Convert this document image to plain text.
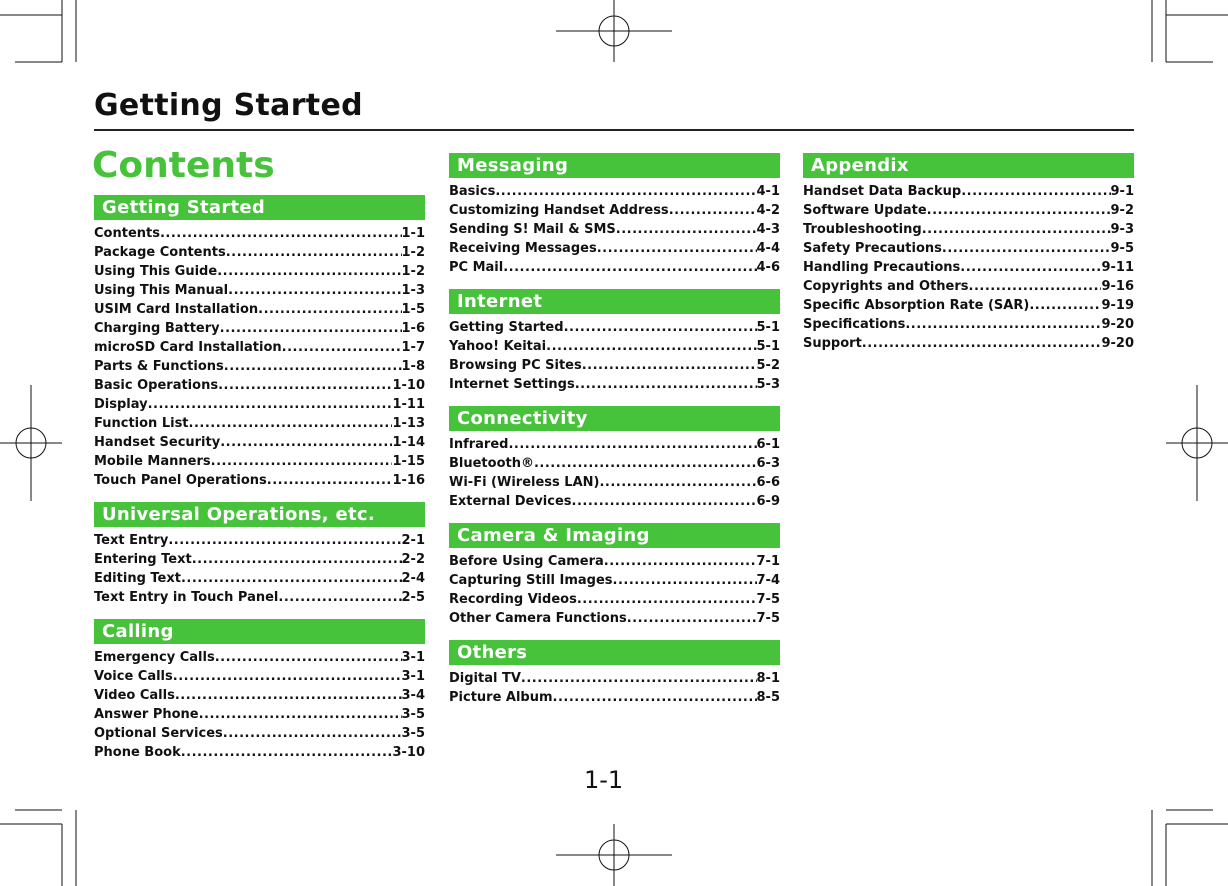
Getting Started
Contents
Getting Started
Contents .....	1-1
Package Contents .....	1-2
Using This Guide .....	1-2
Using This Manual .....	1-3
USIM Card Installation .....	1-5
Charging Battery .....	1-6
microSD Card Installation .....	1-7
Parts & Functions .....	1-8
Basic Operations .....	1-10
Display .....	1-11
Function List .....	1-13
Handset Security .....	1-14
Mobile Manners .....	1-15
Touch Panel Operations .....	1-16
Universal Operations, etc.
Text Entry .....	2-1
Entering Text .....	2-2
Editing Text .....	2-4
Text Entry in Touch Panel .....	2-5
Calling
Emergency Calls .....	3-1
Voice Calls .....	3-1
Video Calls .....	3-4
Answer Phone .....	3-5
Optional Services .....	3-5
Phone Book .....	3-10
Messaging
Basics .....	4-1
Customizing Handset Address .....	4-2
Sending S! Mail & SMS .....	4-3
Receiving Messages .....	4-4
PC Mail .....	4-6
Internet
Getting Started .....	5-1
Yahoo! Keitai .....	5-1
Browsing PC Sites .....	5-2
Internet Settings .....	5-3
Connectivity
Infrared .....	6-1
Bluetooth® .....	6-3
Wi-Fi (Wireless LAN) .....	6-6
External Devices .....	6-9
Camera & Imaging
Before Using Camera .....	7-1
Capturing Still Images .....	7-4
Recording Videos .....	7-5
Other Camera Functions .....	7-5
Others
Digital TV .....	8-1
Picture Album .....	8-5
Appendix
Handset Data Backup .....	9-1
Software Update .....	9-2
Troubleshooting .....	9-3
Safety Precautions .....	9-5
Handling Precautions .....	9-11
Copyrights and Others .....	9-16
Specific Absorption Rate (SAR) .....	9-19
Specifications .....	9-20
Support .....	9-20
1-1
